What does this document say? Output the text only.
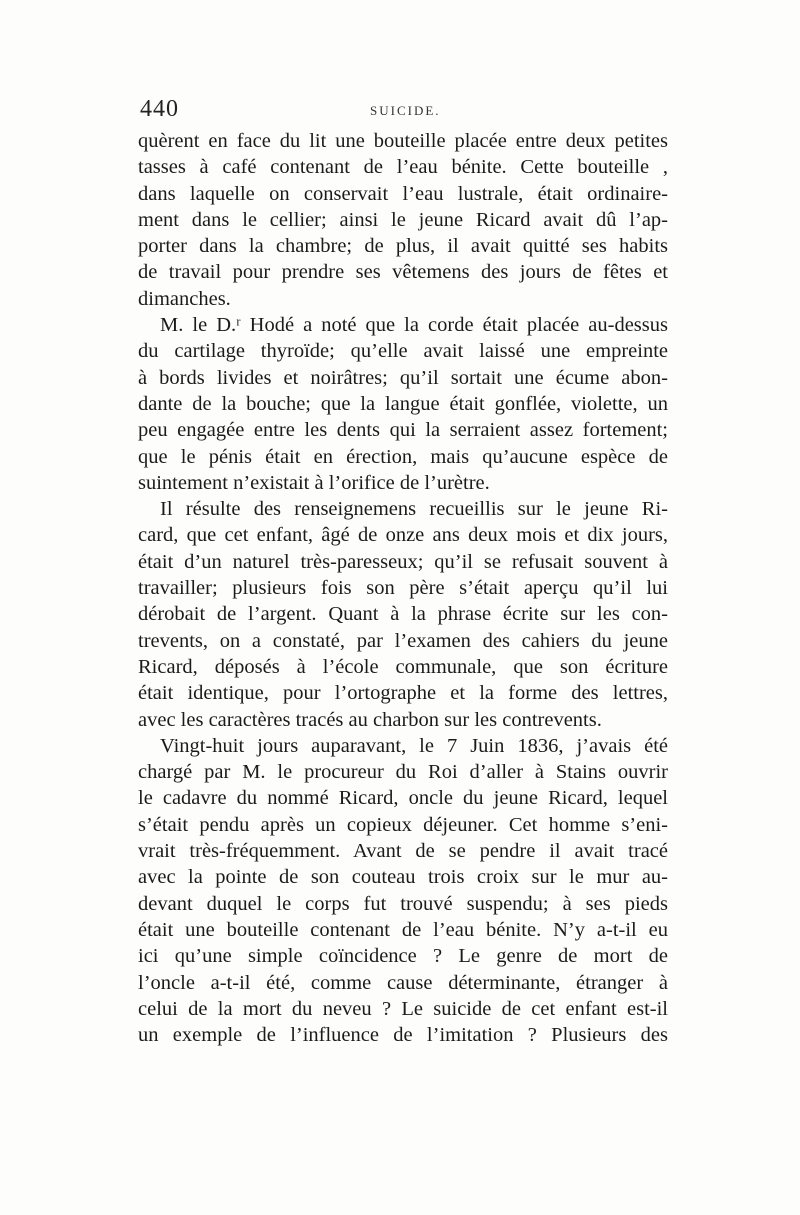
440	SUICIDE.
quèrent en face du lit une bouteille placée entre deux petites
tasses à café contenant de l’eau bénite. Cette bouteille ,
dans laquelle on conservait l’eau lustrale, était ordinaire-
ment dans le cellier; ainsi le jeune Ricard avait dû l’ap-
porter dans la chambre; de plus, il avait quitté ses habits
de travail pour prendre ses vêtemens des jours de fêtes et
dimanches.
M. le D.ʳ Hodé a noté que la corde était placée au-dessus
du cartilage thyroïde; qu’elle avait laissé une empreinte
à bords livides et noirâtres; qu’il sortait une écume abon-
dante de la bouche; que la langue était gonflée, violette, un
peu engagée entre les dents qui la serraient assez fortement;
que le pénis était en érection, mais qu’aucune espèce de
suintement n’existait à l’orifice de l’urètre.
Il résulte des renseignemens recueillis sur le jeune Ri-
card, que cet enfant, âgé de onze ans deux mois et dix jours,
était d’un naturel très-paresseux; qu’il se refusait souvent à
travailler; plusieurs fois son père s’était aperçu qu’il lui
dérobait de l’argent. Quant à la phrase écrite sur les con-
trevents, on a constaté, par l’examen des cahiers du jeune
Ricard, déposés à l’école communale, que son écriture
était identique, pour l’ortographe et la forme des lettres,
avec les caractères tracés au charbon sur les contrevents.
Vingt-huit jours auparavant, le 7 Juin 1836, j’avais été
chargé par M. le procureur du Roi d’aller à Stains ouvrir
le cadavre du nommé Ricard, oncle du jeune Ricard, lequel
s’était pendu après un copieux déjeuner. Cet homme s’eni-
vrait très-fréquemment. Avant de se pendre il avait tracé
avec la pointe de son couteau trois croix sur le mur au-
devant duquel le corps fut trouvé suspendu; à ses pieds
était une bouteille contenant de l’eau bénite. N’y a-t-il eu
ici qu’une simple coïncidence ? Le genre de mort de
l’oncle a-t-il été, comme cause déterminante, étranger à
celui de la mort du neveu ? Le suicide de cet enfant est-il
un exemple de l’influence de l’imitation ? Plusieurs des
